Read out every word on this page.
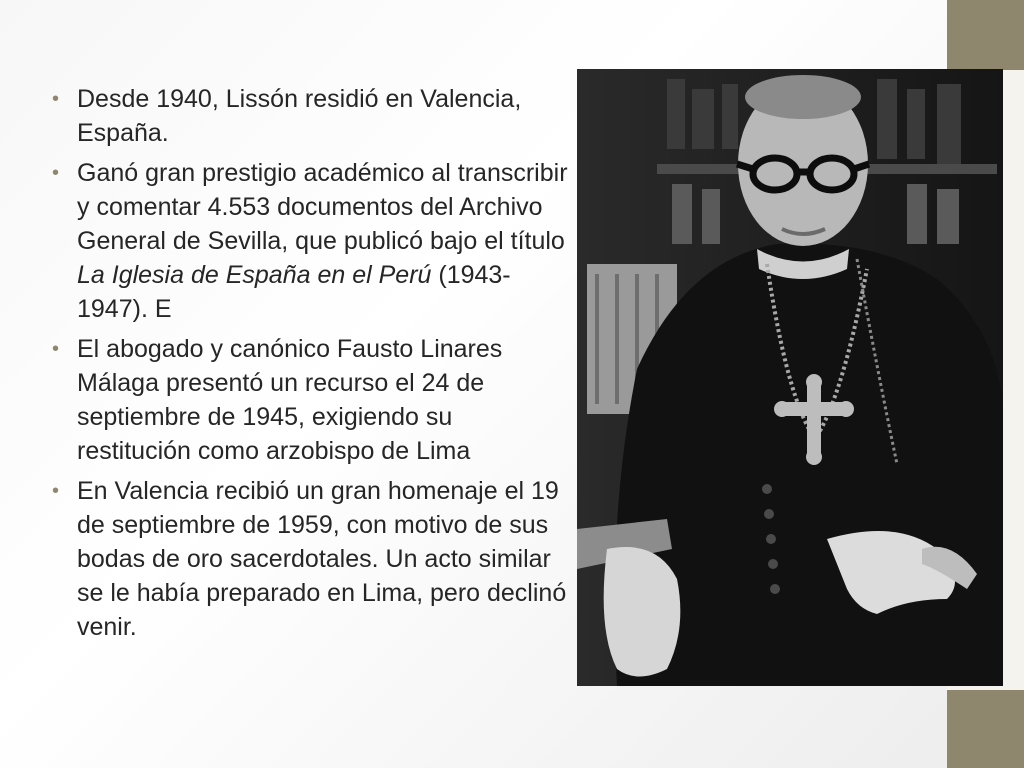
• Desde 1940, Lissón residió en Valencia, España.
• Ganó gran prestigio académico al transcribir y comentar 4.553 documentos del Archivo General de Sevilla, que publicó bajo el título La Iglesia de España en el Perú (1943-1947). E
• El abogado y canónico Fausto Linares Málaga presentó un recurso el 24 de septiembre de 1945, exigiendo su restitución como arzobispo de Lima
• En Valencia recibió un gran homenaje el 19 de septiembre de 1959, con motivo de sus bodas de oro sacerdotales. Un acto similar se le había preparado en Lima, pero declinó venir.
